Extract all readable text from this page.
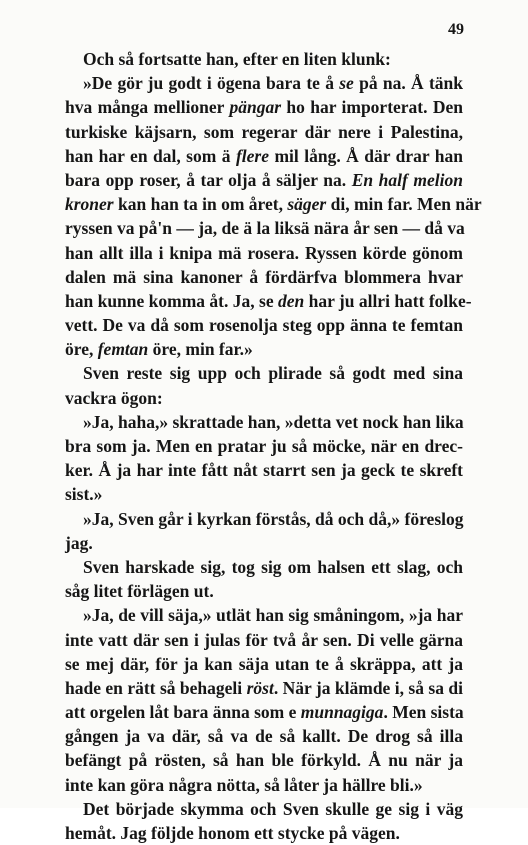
49
Och så fortsatte han, efter en liten klunk:
»De gör ju godt i ögena bara te å se på na. Å tänk
hva många mellioner pängar ho har importerat. Den
turkiske käjsarn, som regerar där nere i Palestina,
han har en dal, som ä flere mil lång. Å där drar han
bara opp roser, å tar olja å säljer na. En half melion
kroner kan han ta in om året, säger di, min far. Men när
ryssen va på'n — ja, de ä la liksä nära år sen — då va
han allt illa i knipa mä rosera. Ryssen körde gönom
dalen mä sina kanoner å fördärfva blommera hvar
han kunne komma åt. Ja, se den har ju allri hatt folke-
vett. De va då som rosenolja steg opp änna te femtan
öre, femtan öre, min far.»
Sven reste sig upp och plirade så godt med sina
vackra ögon:
»Ja, haha,» skrattade han, »detta vet nock han lika
bra som ja. Men en pratar ju så möcke, när en drec-
ker. Å ja har inte fått nåt starrt sen ja geck te skreft
sist.»
»Ja, Sven går i kyrkan förstås, då och då,» föreslog
jag.
Sven harskade sig, tog sig om halsen ett slag, och
såg litet förlägen ut.
»Ja, de vill säja,» utlät han sig småningom, »ja har
inte vatt där sen i julas för två år sen. Di velle gärna
se mej där, för ja kan säja utan te å skräppa, att ja
hade en rätt så behageli röst. När ja klämde i, så sa di
att orgelen låt bara änna som e munnagiga. Men sista
gången ja va där, så va de så kallt. De drog så illa
befängt på rösten, så han ble förkyld. Å nu när ja
inte kan göra några nötta, så låter ja hällre bli.»
Det började skymma och Sven skulle ge sig i väg
hemåt. Jag följde honom ett stycke på vägen.
